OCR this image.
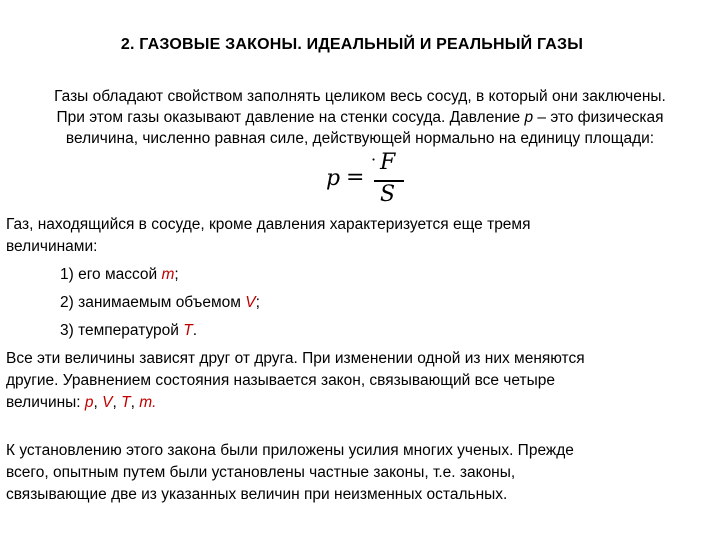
2. ГАЗОВЫЕ ЗАКОНЫ. ИДЕАЛЬНЫЙ И РЕАЛЬНЫЙ ГАЗЫ
Газы обладают свойством заполнять целиком весь сосуд, в который они заключены.
При этом газы оказывают давление на стенки сосуда. Давление р – это физическая
величина, численно равная силе, действующей нормально на единицу площади:
p =
· F
S
Газ, находящийся в сосуде, кроме давления характеризуется еще тремя
величинами:
1) его массой m;
2) занимаемым объемом V;
3) температурой T.
Все эти величины зависят друг от друга. При изменении одной из них меняются
другие. Уравнением состояния называется закон, связывающий все четыре
величины: p, V, T, m.
К установлению этого закона были приложены усилия многих ученых. Прежде
всего, опытным путем были установлены частные законы, т.е. законы,
связывающие две из указанных величин при неизменных остальных.
